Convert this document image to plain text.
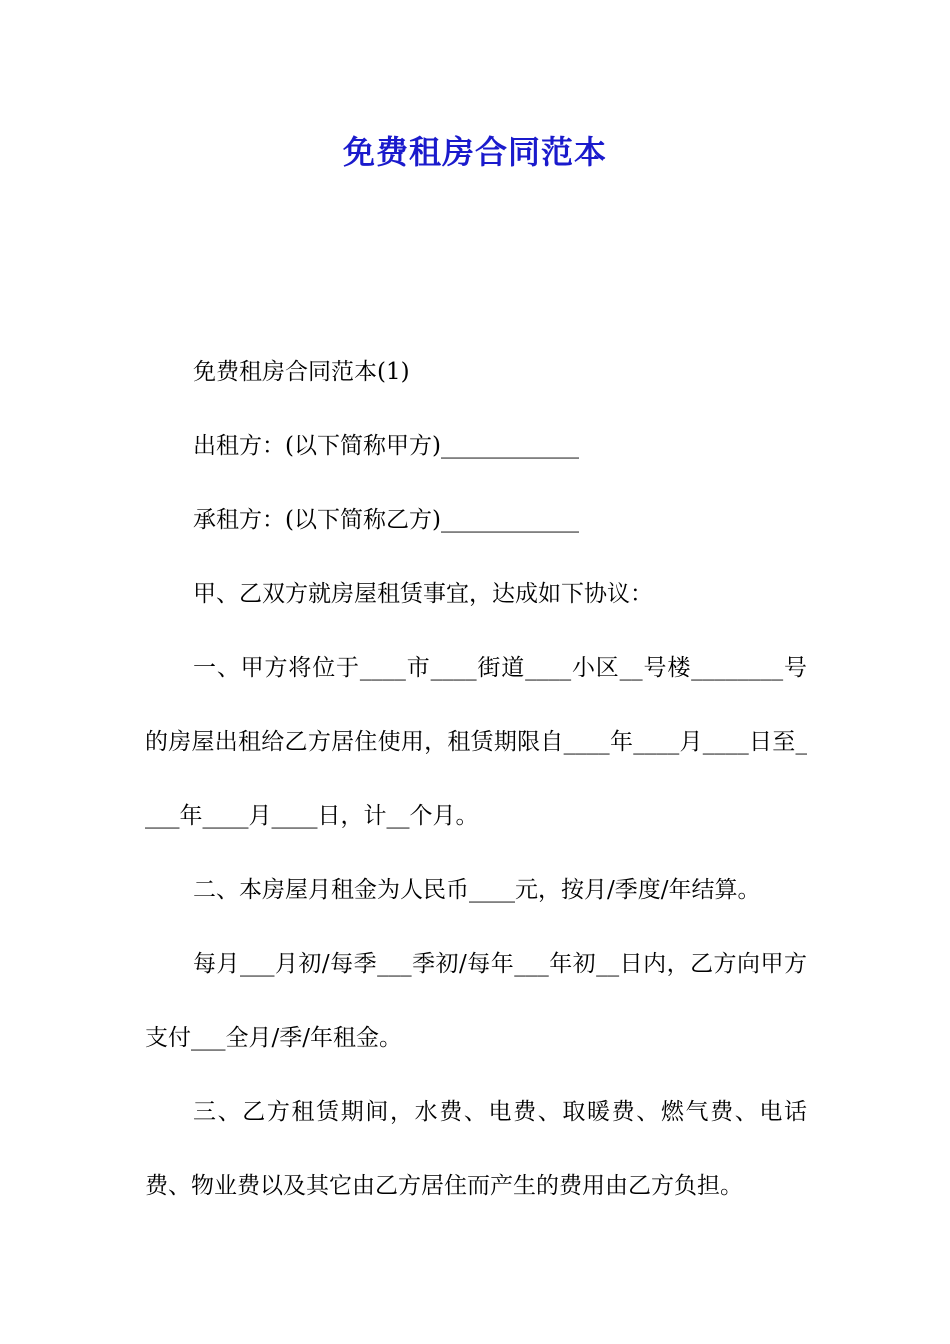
免费租房合同范本

免费租房合同范本(1)

出租方：(以下简称甲方)____________

承租方：(以下简称乙方)____________

甲、乙双方就房屋租赁事宜，达成如下协议：

一、甲方将位于____市____街道____小区__号楼________号的房屋出租给乙方居住使用，租赁期限自____年____月____日至____年____月____日，计__个月。

二、本房屋月租金为人民币____元，按月/季度/年结算。

每月___月初/每季___季初/每年___年初__日内，乙方向甲方支付___全月/季/年租金。

三、乙方租赁期间，水费、电费、取暖费、燃气费、电话费、物业费以及其它由乙方居住而产生的费用由乙方负担。
